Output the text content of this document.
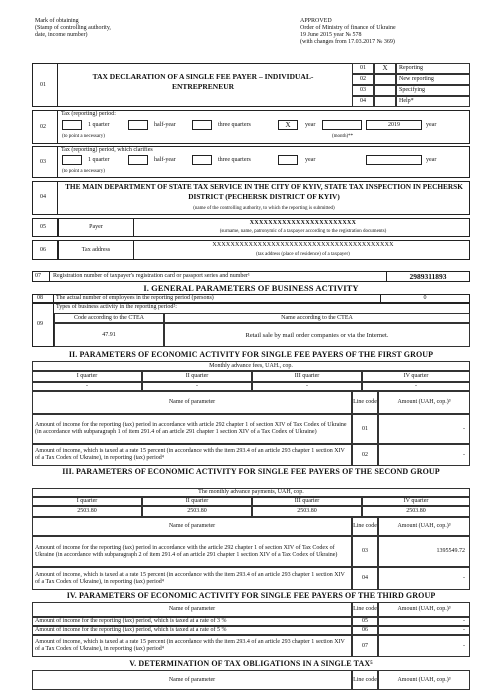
Mark of obtaining
(Stamp of controlling authority,
date, income number)
APPROVED
Order of Ministry of finance of Ukraine
19 June 2015 year № 578
(with changes from 17.03.2017 № 369)
01
TAX DECLARATION OF A SINGLE FEE PAYER – INDIVIDUAL-ENTREPRENEUR
01	X	Reporting
02	New reporting
03	Specifying
04	Help*
02
Tax (reporting) period:
1 quarter	half-year	three quarters	X	year	2019	year
(to point a necessary)	(month)**
03
Tax (reporting) period, which clarifies
1 quarter	half-year	three quarters	year	year
(to point a necessary)
04
THE MAIN DEPARTMENT OF STATE TAX SERVICE IN THE CITY OF KYIV, STATE TAX INSPECTION IN PECHERSK DISTRICT (PECHERSK DISTRICT OF KYIV)
(name of the controlling authority, to which the reporting is submitted)
05	Payer
XXXXXXXXXXXXXXXXXXXXXXX
(surname, name, patronymic of a taxpayer according to the registration documents)
06	Tax address
XXXXXXXXXXXXXXXXXXXXXXXXXXXXXXXXXXXXXXXX
(tax address (place of residence) of a taxpayer)
07 Registration number of taxpayer's registration card or passport series and number¹	2989311893
I. GENERAL PARAMETERS OF BUSINESS ACTIVITY
08 The actual number of employees in the reporting period (persons)	0
09
Types of business activity in the reporting period²:
Code according to the CTEA	Name according to the CTEA
47.91	Retail sale by mail order companies or via the Internet.
II. PARAMETERS OF ECONOMIC ACTIVITY FOR SINGLE FEE PAYERS OF THE FIRST GROUP
Monthly advance fees, UAH., cop.
I quarter	II quarter	III quarter	IV quarter
-	-	-	-
Name of parameter	Line code	Amount (UAH, cop.)³
Amount of income for the reporting (tax) period in accordance with article 292 chapter 1 of section XIV of Tax Codex of Ukraine (in accordance with subparagraph 1 of item 291.4 of an article 291 chapter 1 section XIV of a Tax Codex of Ukraine)
01	-
Amount of income, which is taxed at a rate 15 percent (in accordance with the item 293.4 of an article 293 chapter 1 section XIV of a Tax Codex of Ukraine), in reporting (tax) period⁴
02	-
III. PARAMETERS OF ECONOMIC ACTIVITY FOR SINGLE FEE PAYERS OF THE SECOND GROUP
The monthly advance payments, UAH, cop.
I quarter	II quarter	III quarter	IV quarter
2503.80	2503.80	2503.80	2503.80
Name of parameter	Line code	Amount (UAH, cop.)³
Amount of income for the reporting (tax) period in accordance with the article 292 chapter 1 of section XIV of Tax Codex of Ukraine (in accordance with subparagraph 2 of item 291.4 of an article 291 chapter 1 section XIV of a Tax Codex of Ukraine)
03	1395549.72
Amount of income, which is taxed at a rate 15 percent (in accordance with the item 293.4 of an article 293 chapter 1 section XIV of a Tax Codex of Ukraine), in reporting (tax) period⁴
04	-
IV. PARAMETERS OF ECONOMIC ACTIVITY FOR SINGLE FEE PAYERS OF THE THIRD GROUP
Name of parameter	Line code	Amount (UAH, cop.)³
Amount of income for the reporting (tax) period, which is taxed at a rate of 3 %	05	-
Amount of income for the reporting (tax) period, which is taxed at a rate of 5 %	06	-
Amount of income, which is taxed at a rate 15 percent (in accordance with the item 293.4 of an article 293 chapter 1 section XIV of a Tax Codex of Ukraine), in reporting (tax) period⁴
07	-
V. DETERMINATION OF TAX OBLIGATIONS IN A SINGLE TAX⁵
Name of parameter	Line code	Amount (UAH, cop.)³
